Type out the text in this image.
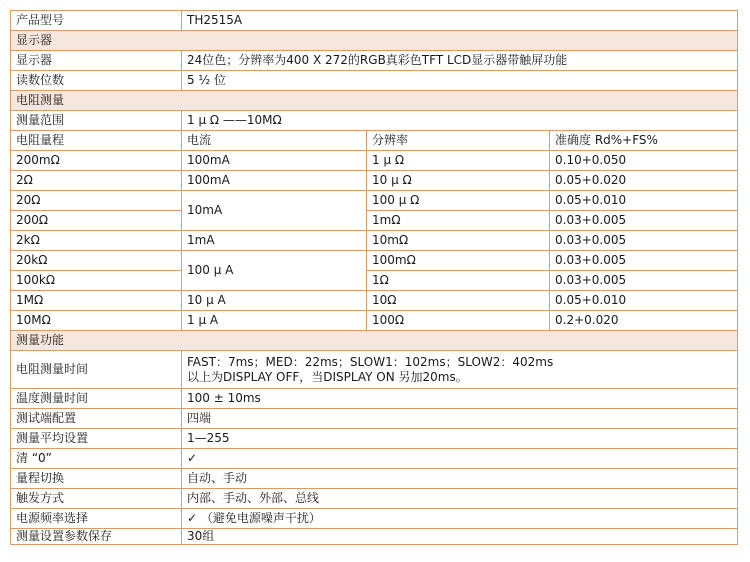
产品型号	TH2515A		
显示器			
显示器	24位色；分辨率为400 X 272的RGB真彩色TFT LCD显示器带触屏功能		
读数位数	5 ½ 位		
电阻测量			
测量范围	1 μ Ω ——10MΩ		
电阻量程	电流	分辨率	准确度 Rd%+FS%
200mΩ	100mA	1 μ Ω	0.10+0.050
2Ω	100mA	10 μ Ω	0.05+0.020
20Ω	10mA	100 μ Ω	0.05+0.010
200Ω		1mΩ	0.03+0.005
2kΩ	1mA	10mΩ	0.03+0.005
20kΩ	100 μ A	100mΩ	0.03+0.005
100kΩ		1Ω	0.03+0.005
1MΩ	10 μ A	10Ω	0.05+0.010
10MΩ	1 μ A	100Ω	0.2+0.020
测量功能			
电阻测量时间	FAST：7ms；MED：22ms；SLOW1：102ms；SLOW2：402ms
以上为DISPLAY OFF，当DISPLAY ON 另加20ms。		

温度测量时间	100 ± 10ms		
测试端配置	四端		
测量平均设置	1—255		
清 “0”	✓		
量程切换	自动、手动		
触发方式	内部、手动、外部、总线		
电源频率选择	✓ （避免电源噪声干扰）		
测量设置参数保存	30组		
